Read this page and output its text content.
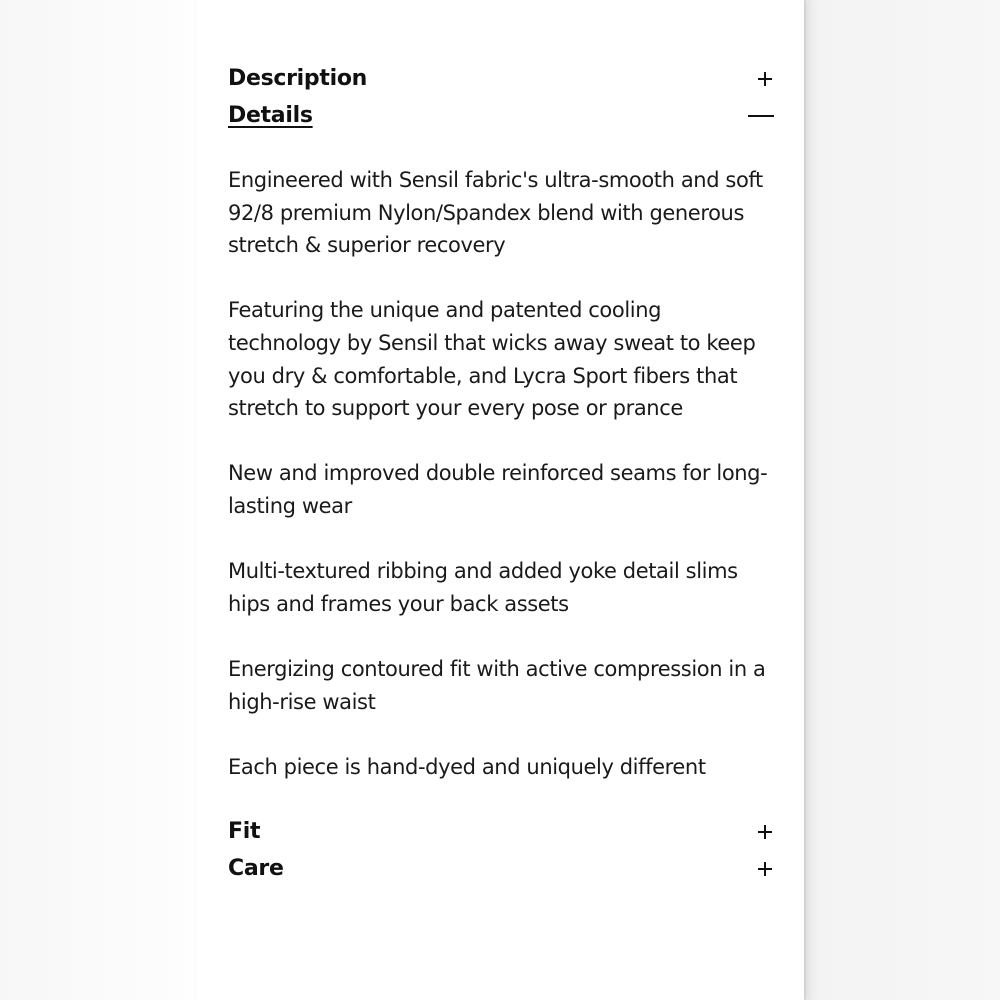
Description
Details

Engineered with Sensil fabric's ultra-smooth and soft 92/8 premium Nylon/Spandex blend with generous stretch & superior recovery

Featuring the unique and patented cooling technology by Sensil that wicks away sweat to keep you dry & comfortable, and Lycra Sport fibers that stretch to support your every pose or prance

New and improved double reinforced seams for long-lasting wear

Multi-textured ribbing and added yoke detail slims hips and frames your back assets

Energizing contoured fit with active compression in a high-rise waist

Each piece is hand-dyed and uniquely different

Fit
Care
